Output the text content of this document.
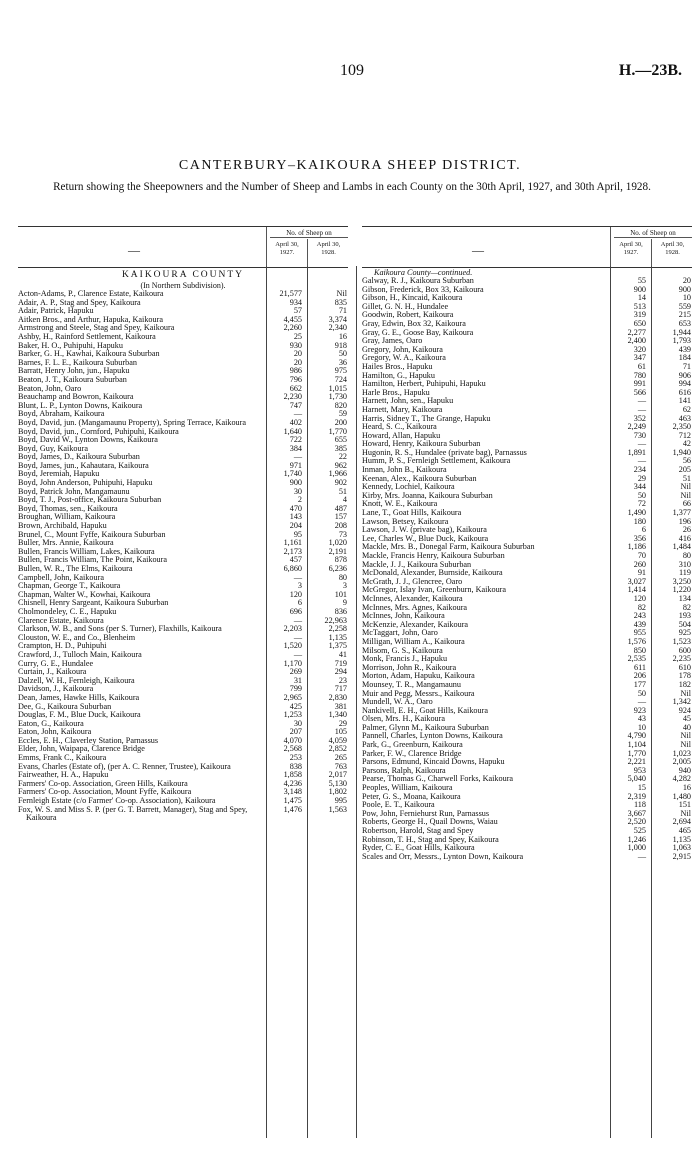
109	H.—23B.
CANTERBURY–KAIKOURA SHEEP DISTRICT.
Return showing the Sheepowners and the Number of Sheep and Lambs in each County on the 30th April, 1927, and 30th April, 1928.
—
No. of Sheep on
April 30, 1927.
April 30, 1928.
KAIKOURA COUNTY
(In Northern Subdivision).
Acton-Adams, P., Clarence Estate, Kaikoura	21,577	Nil
Adair, A. P., Stag and Spey, Kaikoura	934	835
Adair, Patrick, Hapuku	57	71
Aitken Bros., and Arthur, Hapuka, Kaikoura	4,455	3,374
Armstrong and Steele, Stag and Spey, Kaikoura	2,260	2,340
Ashby, H., Rainford Settlement, Kaikoura	25	16
Baker, H. O., Puhipuhi, Hapuku	930	918
Barker, G. H., Kawhai, Kaikoura Suburban	20	50
Barnes, F. L. E., Kaikoura Suburban	20	36
Barratt, Henry John, jun., Hapuku	986	975
Beaton, J. T., Kaikoura Suburban	796	724
Beaton, John, Oaro	662	1,015
Beauchamp and Bowron, Kaikoura	2,230	1,730
Blunt, L. P., Lynton Downs, Kaikoura	747	820
Boyd, Abraham, Kaikoura	—	59
Boyd, David, jun. (Mangamaunu Property), Spring Terrace, Kaikoura	402	200
Boyd, David, jun., Cornford, Puhipuhi, Kaikoura	1,640	1,770
Boyd, David W., Lynton Downs, Kaikoura	722	655
Boyd, Guy, Kaikoura	384	385
Boyd, James, D., Kaikoura Suburban	—	22
Boyd, James, jun., Kahautara, Kaikoura	971	962
Boyd, Jeremiah, Hapuku	1,740	1,966
Boyd, John Anderson, Puhipuhi, Hapuku	900	902
Boyd, Patrick John, Mangamaunu	30	51
Boyd, T. J., Post-office, Kaikoura Suburban	2	4
Boyd, Thomas, sen., Kaikoura	470	487
Broughan, William, Kaikoura	143	157
Brown, Archibald, Hapuku	204	208
Brunel, C., Mount Fyffe, Kaikoura Suburban	95	73
Buller, Mrs. Annie, Kaikoura	1,161	1,020
Bullen, Francis William, Lakes, Kaikoura	2,173	2,191
Bullen, Francis William, The Point, Kaikoura	457	878
Bullen, W. R., The Elms, Kaikoura	6,860	6,236
Campbell, John, Kaikoura	—	80
Chapman, George T., Kaikoura	3	3
Chapman, Walter W., Kowhai, Kaikoura	120	101
Chisnell, Henry Sargeant, Kaikoura Suburban	6	9
Cholmondeley, C. E., Hapuku	696	836
Clarence Estate, Kaikoura	—	22,963
Clarkson, W. B., and Sons (per S. Turner), Flaxhills, Kaikoura	2,203	2,258
Clouston, W. E., and Co., Blenheim	—	1,135
Crampton, H. D., Puhipuhi	1,520	1,375
Crawford, J., Tulloch Main, Kaikoura	—	41
Curry, G. E., Hundalee	1,170	719
Curtain, J., Kaikoura	269	294
Dalzell, W. H., Fernleigh, Kaikoura	31	23
Davidson, J., Kaikoura	799	717
Dean, James, Hawke Hills, Kaikoura	2,965	2,830
Dee, G., Kaikoura Suburban	425	381
Douglas, F. M., Blue Duck, Kaikoura	1,253	1,340
Eaton, G., Kaikoura	30	29
Eaton, John, Kaikoura	207	105
Eccles, E. H., Claverley Station, Parnassus	4,070	4,059
Elder, John, Waipapa, Clarence Bridge	2,568	2,852
Emms, Frank C., Kaikoura	253	265
Evans, Charles (Estate of), (per A. C. Renner, Trustee), Kaikoura	838	763
Fairweather, H. A., Hapuku	1,858	2,017
Farmers' Co-op. Association, Green Hills, Kaikoura	4,236	5,130
Farmers' Co-op. Association, Mount Fyffe, Kaikoura	3,148	1,802
Fernleigh Estate (c/o Farmer' Co-op. Association), Kaikoura	1,475	995
Fox, W. S. and Miss S. P. (per G. T. Barrett, Manager), Stag and Spey, Kaikoura
1,476	1,563
—
No. of Sheep on
April 30, 1927.
April 30, 1928.
Kaikoura County—continued.
Galway, R. J., Kaikoura Suburban	55	20
Gibson, Frederick, Box 33, Kaikoura	900	900
Gibson, H., Kincaid, Kaikoura	14	10
Gillet, G. N. H., Hundalee	513	559
Goodwin, Robert, Kaikoura	319	215
Gray, Edwin, Box 32, Kaikoura	650	653
Gray, G. E., Goose Bay, Kaikoura	2,277	1,944
Gray, James, Oaro	2,400	1,793
Gregory, John, Kaikoura	320	439
Gregory, W. A., Kaikoura	347	184
Hailes Bros., Hapuku	61	71
Hamilton, G., Hapuku	780	906
Hamilton, Herbert, Puhipuhi, Hapuku	991	994
Harle Bros., Hapuku	566	616
Harnett, John, sen., Hapuku	—	141
Harnett, Mary, Kaikoura	—	62
Harris, Sidney T., The Grange, Hapuku	352	463
Heard, S. C., Kaikoura	2,249	2,350
Howard, Allan, Hapuku	730	712
Howard, Henry, Kaikoura Suburban	—	42
Hugonin, R. S., Hundalee (private bag), Parnassus	1,891	1,940
Humm, P. S., Fernleigh Settlement, Kaikoura	—	56
Inman, John B., Kaikoura	234	205
Keenan, Alex., Kaikoura Suburban	29	51
Kennedy, Lochiel, Kaikoura	344	Nil
Kirby, Mrs. Joanna, Kaikoura Suburban	50	Nil
Knott, W. E., Kaikoura	72	66
Lane, T., Goat Hills, Kaikoura	1,490	1,377
Lawson, Betsey, Kaikoura	180	196
Lawson, J. W. (private bag), Kaikoura	6	26
Lee, Charles W., Blue Duck, Kaikoura	356	416
Mackle, Mrs. B., Donegal Farm, Kaikoura Suburban	1,186	1,484
Mackle, Francis Henry, Kaikoura Suburban	70	80
Mackle, J. J., Kaikoura Suburban	260	310
McDonald, Alexander, Burnside, Kaikoura	91	119
McGrath, J. J., Glencree, Oaro	3,027	3,250
McGregor, Islay Ivan, Greenburn, Kaikoura	1,414	1,220
McInnes, Alexander, Kaikoura	120	134
McInnes, Mrs. Agnes, Kaikoura	82	82
McInnes, John, Kaikoura	243	193
McKenzie, Alexander, Kaikoura	439	504
McTaggart, John, Oaro	955	925
Milligan, William A., Kaikoura	1,576	1,523
Milsom, G. S., Kaikoura	850	600
Monk, Francis J., Hapuku	2,535	2,235
Morrison, John R., Kaikoura	611	610
Morton, Adam, Hapuku, Kaikoura	206	178
Mounsey, T. R., Mangamaunu	177	182
Muir and Pegg, Messrs., Kaikoura	50	Nil
Mundell, W. A., Oaro	—	1,342
Nankivell, E. H., Goat Hills, Kaikoura	923	924
Olsen, Mrs. H., Kaikoura	43	45
Palmer, Glynn M., Kaikoura Suburban	10	40
Pannell, Charles, Lynton Downs, Kaikoura	4,790	Nil
Park, G., Greenburn, Kaikoura	1,104	Nil
Parker, F. W., Clarence Bridge	1,770	1,023
Parsons, Edmund, Kincaid Downs, Hapuku	2,221	2,005
Parsons, Ralph, Kaikoura	953	940
Pearse, Thomas G., Charwell Forks, Kaikoura	5,040	4,282
Peoples, William, Kaikoura	15	16
Peter, G. S., Moana, Kaikoura	2,319	1,480
Poole, E. T., Kaikoura	118	151
Pow, John, Ferniehurst Run, Parnassus	3,667	Nil
Roberts, George H., Quail Downs, Waiau	2,520	2,694
Robertson, Harold, Stag and Spey	525	465
Robinson, T. H., Stag and Spey, Kaikoura	1,246	1,135
Ryder, C. E., Goat Hills, Kaikoura	1,000	1,063
Scales and Orr, Messrs., Lynton Down, Kaikoura	—	2,915
